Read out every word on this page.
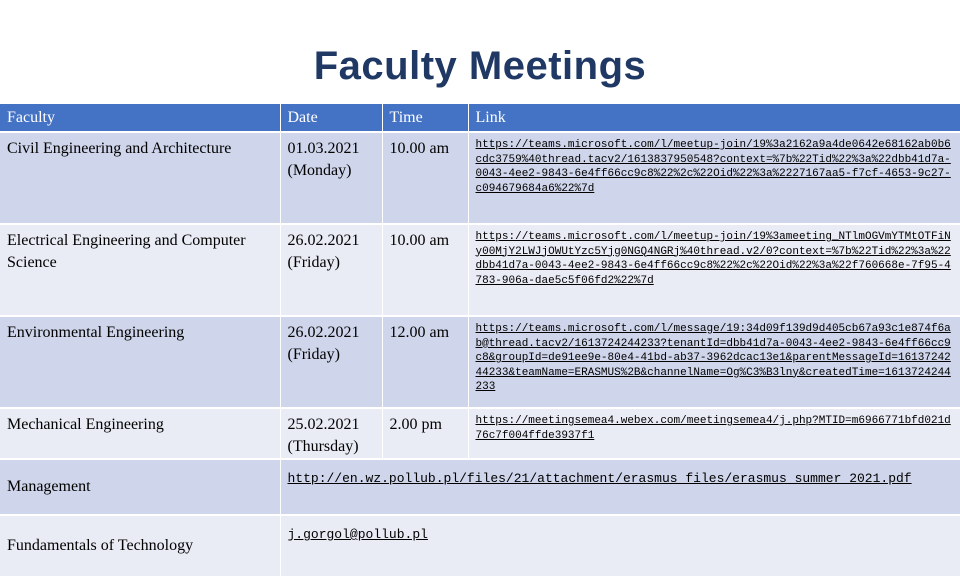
Faculty Meetings
Faculty	Date	Time	Link
Civil Engineering and Architecture	01.03.2021 (Monday)	10.00 am	https://teams.microsoft.com/l/meetup-join/19%3a2162a9a4de0642e68162ab0b6cdc3759%40thread.tacv2/1613837950548?context=%7b%22Tid%22%3a%22dbb41d7a-0043-4ee2-9843-6e4ff66cc9c8%22%2c%22Oid%22%3a%2227167aa5-f7cf-4653-9c27-c094679684a6%22%7d
Electrical Engineering and Computer Science	26.02.2021 (Friday)	10.00 am	https://teams.microsoft.com/l/meetup-join/19%3ameeting_NTlmOGVmYTMtOTFiNy00MjY2LWJjOWUtYzc5Yjg0NGQ4NGRj%40thread.v2/0?context=%7b%22Tid%22%3a%22dbb41d7a-0043-4ee2-9843-6e4ff66cc9c8%22%2c%22Oid%22%3a%22f760668e-7f95-4783-906a-dae5c5f06fd2%22%7d
Environmental Engineering	26.02.2021 (Friday)	12.00 am	https://teams.microsoft.com/l/message/19:34d09f139d9d405cb67a93c1e874f6ab@thread.tacv2/1613724244233?tenantId=dbb41d7a-0043-4ee2-9843-6e4ff66cc9c8&groupId=de91ee9e-80e4-41bd-ab37-3962dcac13e1&parentMessageId=1613724244233&teamName=ERASMUS%2B&channelName=Og%C3%B3lny&createdTime=1613724244233
Mechanical Engineering	25.02.2021 (Thursday)	2.00 pm	https://meetingsemea4.webex.com/meetingsemea4/j.php?MTID=m6966771bfd021d76c7f004ffde3937f1
Management	http://en.wz.pollub.pl/files/21/attachment/erasmus_files/erasmus_summer_2021.pdf		
Fundamentals of Technology	j.gorgol@pollub.pl		
